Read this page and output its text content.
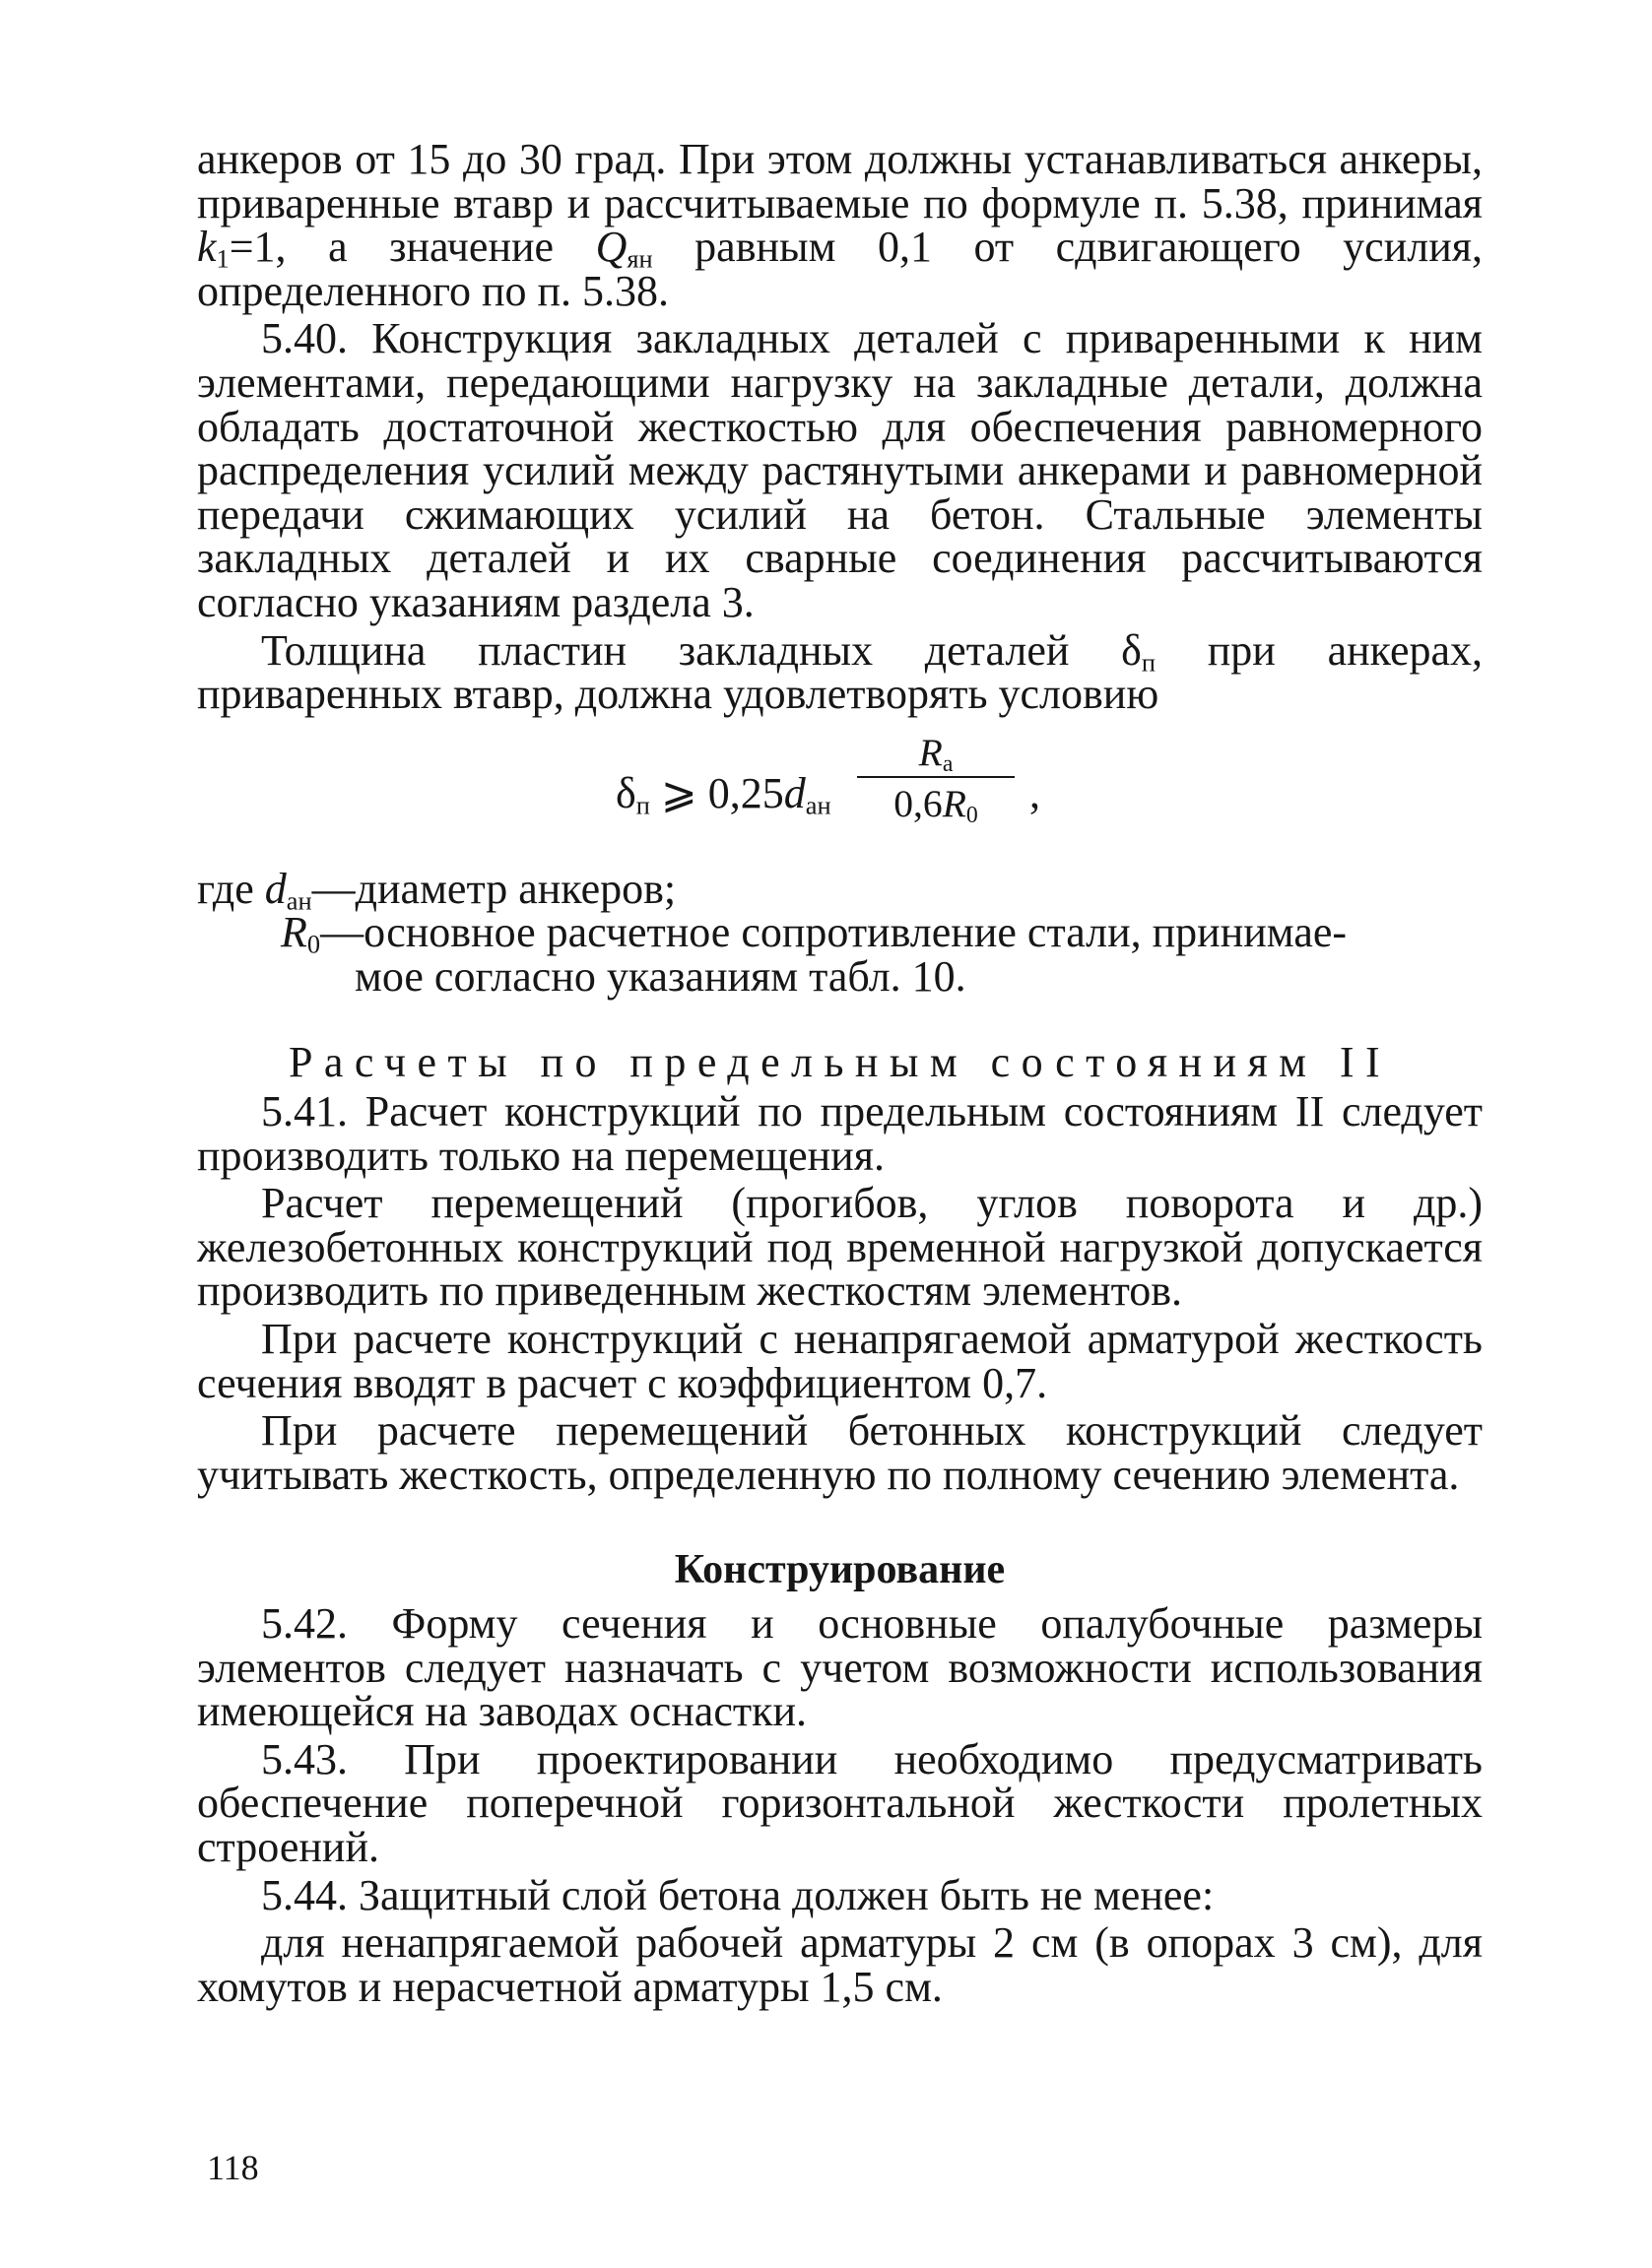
анкеров от 15 до 30 град. При этом должны устанавливаться анкеры, приваренные втавр и рассчитываемые по формуле п. 5.38, принимая $k_1=1$, а значение $Q_{ян}$ равным 0,1 от сдвигающего усилия, определенного по п. 5.38.

5.40. Конструкция закладных деталей с приваренными к ним элементами, передающими нагрузку на закладные детали, должна обладать достаточной жесткостью для обеспечения равномерного распределения усилий между растянутыми анкерами и равномерной передачи сжимающих усилий на бетон. Стальные элементы закладных деталей и их сварные соединения рассчитываются согласно указаниям раздела 3.

Толщина пластин закладных деталей $\delta_п$ при анкерах, приваренных втавр, должна удовлетворять условию

$\delta_п$ ⩾ $0,25d_{ан}$
$R_a$
$0,6R_0$	,

где $d_{ан}—диаметр$ анкеров;

$R_0—основное$ расчетное сопротивление стали, принимае-

мое согласно указаниям табл. 10.

Расчеты по предельным состояниям II

5.41. Расчет конструкций по предельным состояниям II следует производить только на перемещения.

Расчет перемещений (прогибов, углов поворота и др.) железобетонных конструкций под временной нагрузкой допускается производить по приведенным жесткостям элементов.

При расчете конструкций с ненапрягаемой арматурой жесткость сечения вводят в расчет с коэффициентом 0,7.

При расчете перемещений бетонных конструкций следует учитывать жесткость, определенную по полному сечению элемента.

Конструирование

5.42. Форму сечения и основные опалубочные размеры элементов следует назначать с учетом возможности использования имеющейся на заводах оснастки.

5.43. При проектировании необходимо предусматривать обеспечение поперечной горизонтальной жесткости пролетных строений.

5.44. Защитный слой бетона должен быть не менее:

для ненапрягаемой рабочей арматуры 2 см (в опорах 3 см), для хомутов и нерасчетной арматуры 1,5 см.

118
